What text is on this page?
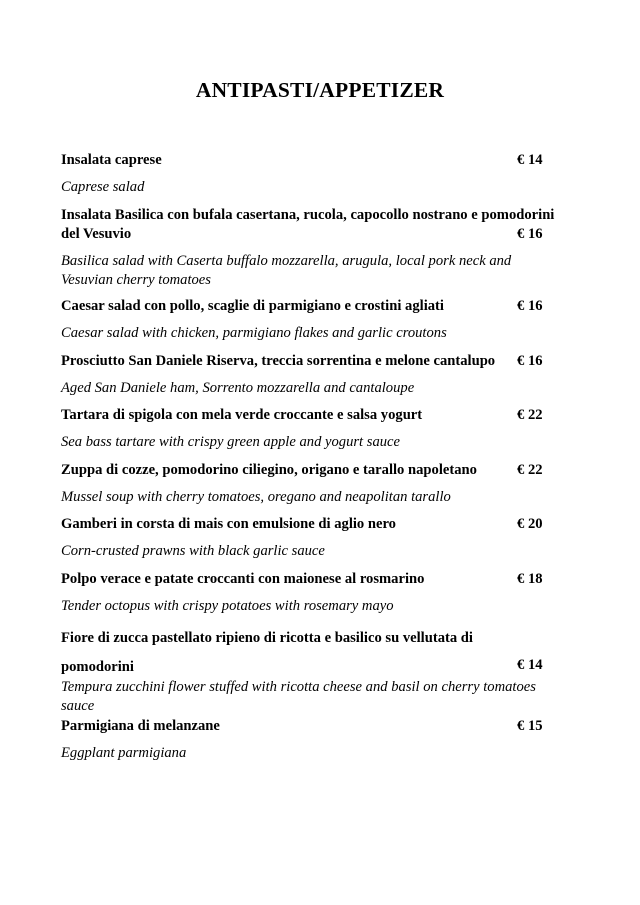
ANTIPASTI/APPETIZER
Insalata caprese	€ 14
Caprese salad
Insalata Basilica con bufala casertana, rucola, capocollo nostrano e pomodorini del Vesuvio	€ 16
Basilica salad with Caserta buffalo mozzarella, arugula, local pork neck and Vesuvian cherry tomatoes
Caesar salad con pollo, scaglie di parmigiano e crostini agliati	€ 16
Caesar salad with chicken, parmigiano flakes and garlic croutons
Prosciutto San Daniele Riserva, treccia sorrentina e melone cantalupo € 16
Aged San Daniele ham, Sorrento mozzarella and cantaloupe
Tartara di spigola con mela verde croccante e salsa yogurt	€ 22
Sea bass tartare with crispy green apple and yogurt sauce
Zuppa di cozze, pomodorino ciliegino, origano e tarallo napoletano	€ 22
Mussel soup with cherry tomatoes, oregano and neapolitan tarallo
Gamberi in corsta di mais con emulsione di aglio nero	€ 20
Corn-crusted prawns with black garlic sauce
Polpo verace e patate croccanti con maionese al rosmarino	€ 18
Tender octopus with crispy potatoes with rosemary mayo
Fiore di zucca pastellato ripieno di ricotta e basilico su vellutata di pomodorini	€ 14
Tempura zucchini flower stuffed with ricotta cheese and basil on cherry tomatoes sauce
Parmigiana di melanzane	€ 15
Eggplant parmigiana
